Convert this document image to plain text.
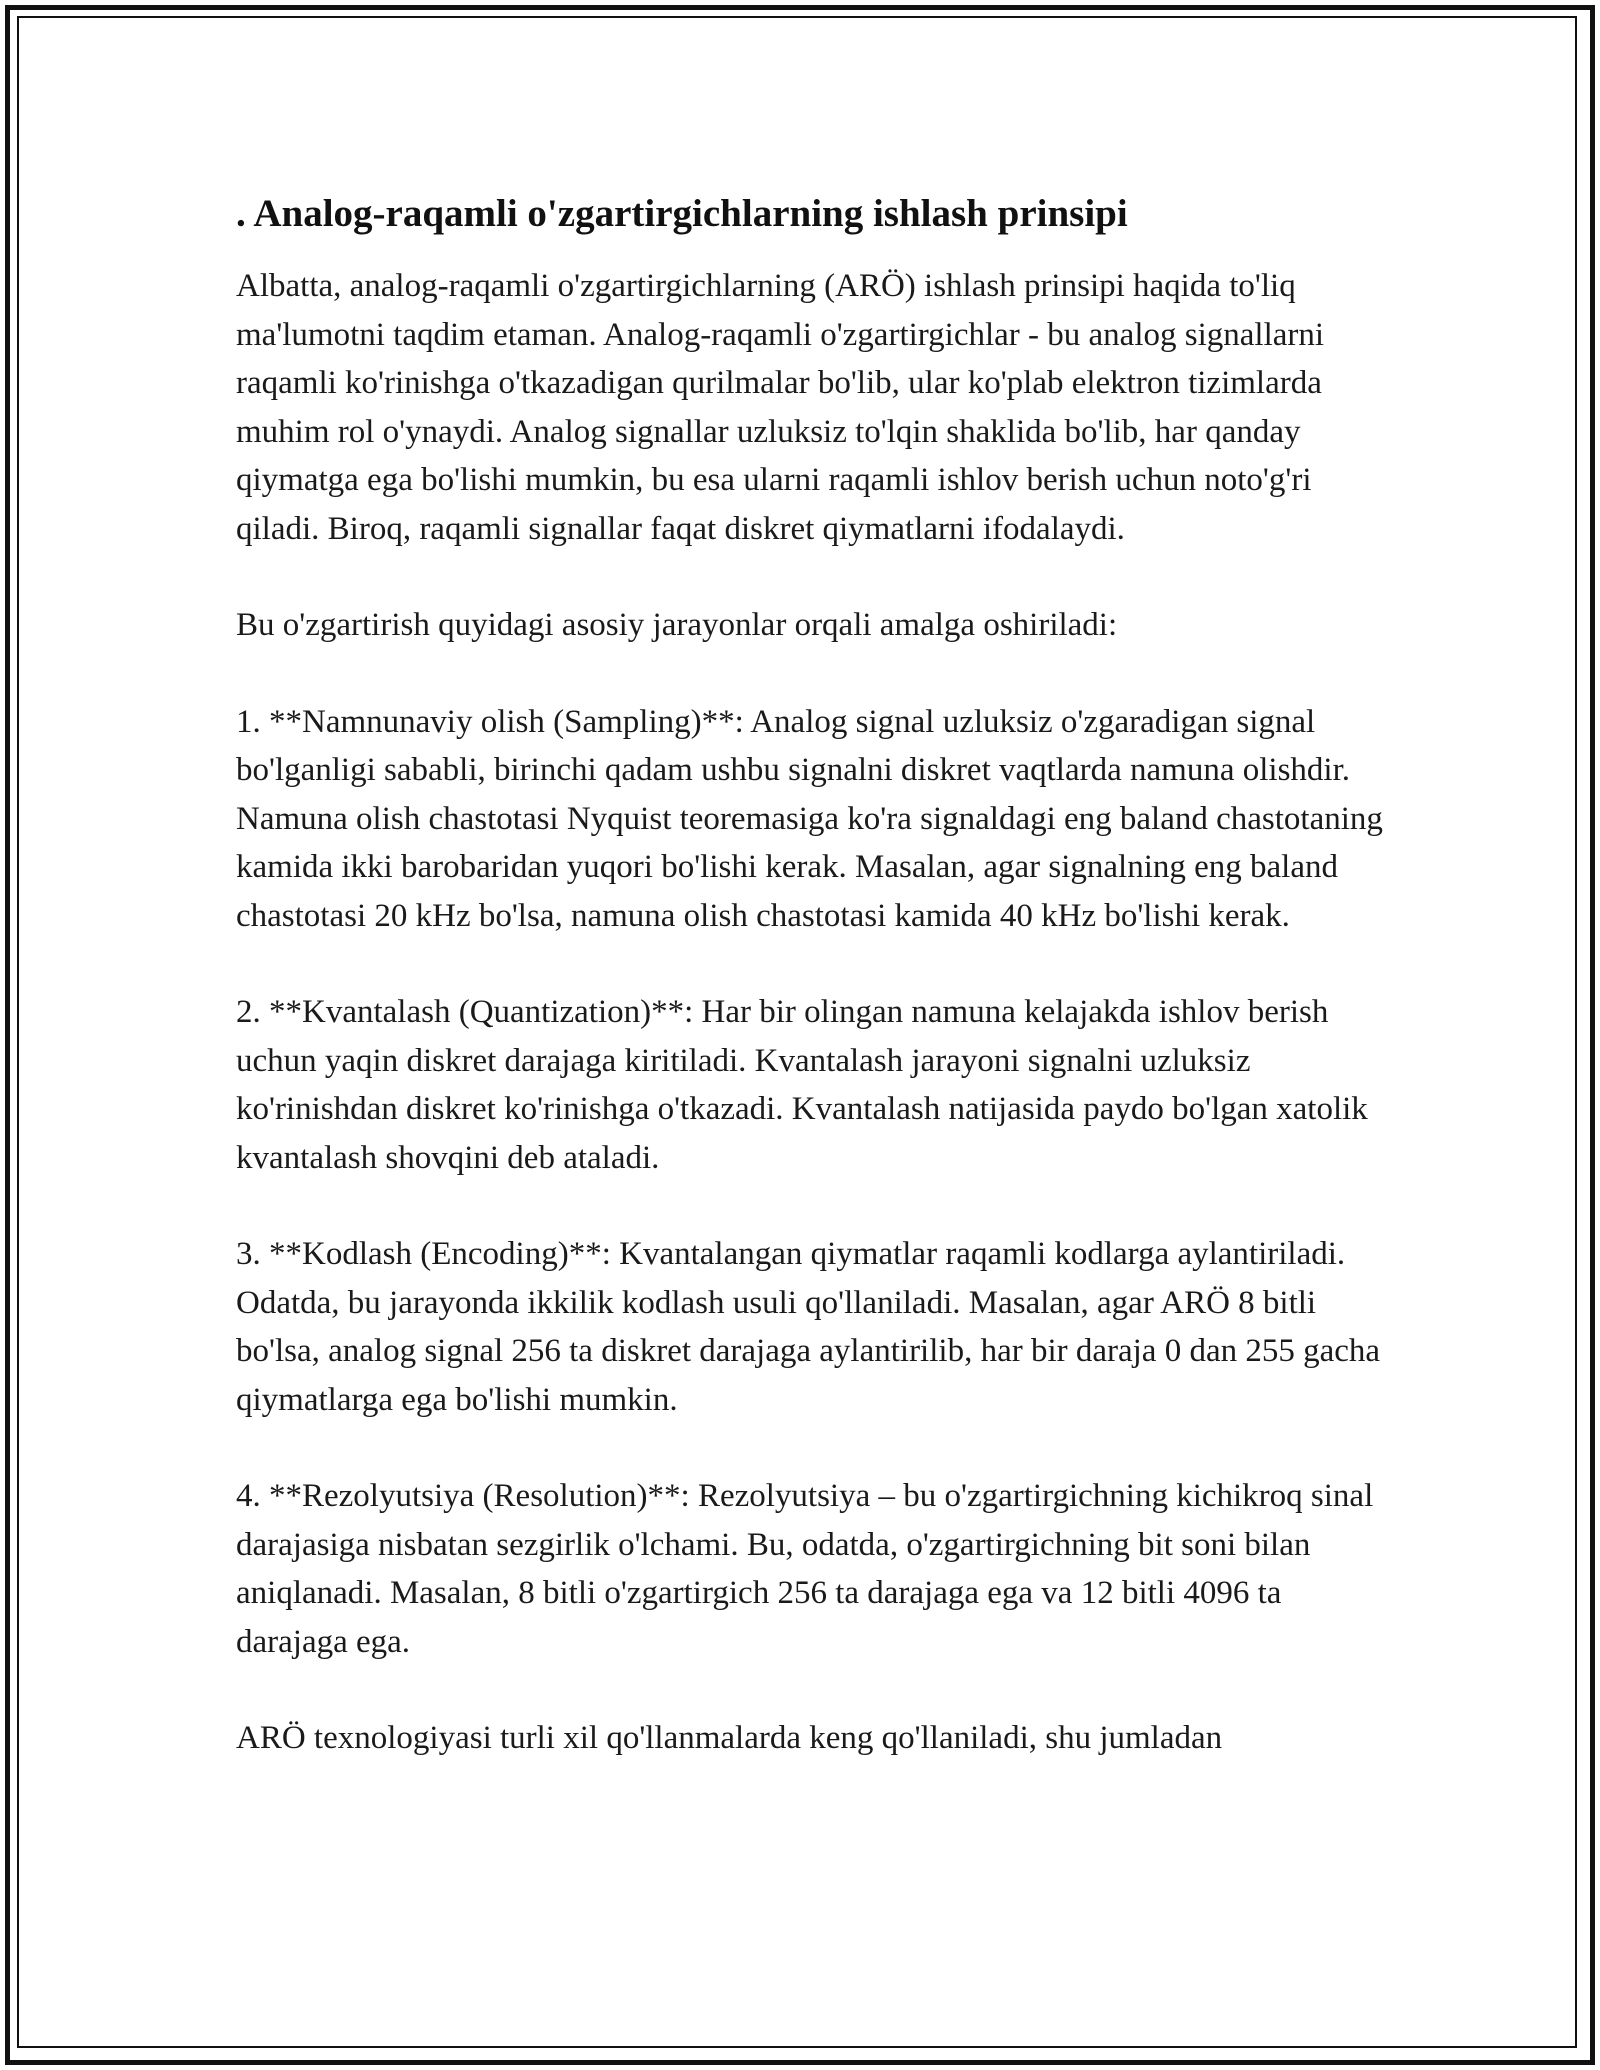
. Analog-raqamli o'zgartirgichlarning ishlash prinsipi

Albatta, analog-raqamli o'zgartirgichlarning (ARÖ) ishlash prinsipi haqida to'liq ma'lumotni taqdim etaman. Analog-raqamli o'zgartirgichlar - bu analog signallarni raqamli ko'rinishga o'tkazadigan qurilmalar bo'lib, ular ko'plab elektron tizimlarda muhim rol o'ynaydi. Analog signallar uzluksiz to'lqin shaklida bo'lib, har qanday qiymatga ega bo'lishi mumkin, bu esa ularni raqamli ishlov berish uchun noto'g'ri qiladi. Biroq, raqamli signallar faqat diskret qiymatlarni ifodalaydi.

Bu o'zgartirish quyidagi asosiy jarayonlar orqali amalga oshiriladi:

1. **Namnunaviy olish (Sampling)**: Analog signal uzluksiz o'zgaradigan signal bo'lganligi sababli, birinchi qadam ushbu signalni diskret vaqtlarda namuna olishdir. Namuna olish chastotasi Nyquist teoremasiga ko'ra signaldagi eng baland chastotaning kamida ikki barobaridan yuqori bo'lishi kerak. Masalan, agar signalning eng baland chastotasi 20 kHz bo'lsa, namuna olish chastotasi kamida 40 kHz bo'lishi kerak.

2. **Kvantalash (Quantization)**: Har bir olingan namuna kelajakda ishlov berish uchun yaqin diskret darajaga kiritiladi. Kvantalash jarayoni signalni uzluksiz ko'rinishdan diskret ko'rinishga o'tkazadi. Kvantalash natijasida paydo bo'lgan xatolik kvantalash shovqini deb ataladi.

3. **Kodlash (Encoding)**: Kvantalangan qiymatlar raqamli kodlarga aylantiriladi. Odatda, bu jarayonda ikkilik kodlash usuli qo'llaniladi. Masalan, agar ARÖ 8 bitli bo'lsa, analog signal 256 ta diskret darajaga aylantirilib, har bir daraja 0 dan 255 gacha qiymatlarga ega bo'lishi mumkin.

4. **Rezolyutsiya (Resolution)**: Rezolyutsiya – bu o'zgartirgichning kichikroq sinal darajasiga nisbatan sezgirlik o'lchami. Bu, odatda, o'zgartirgichning bit soni bilan aniqlanadi. Masalan, 8 bitli o'zgartirgich 256 ta darajaga ega va 12 bitli 4096 ta darajaga ega.

ARÖ texnologiyasi turli xil qo'llanmalarda keng qo'llaniladi, shu jumladan
